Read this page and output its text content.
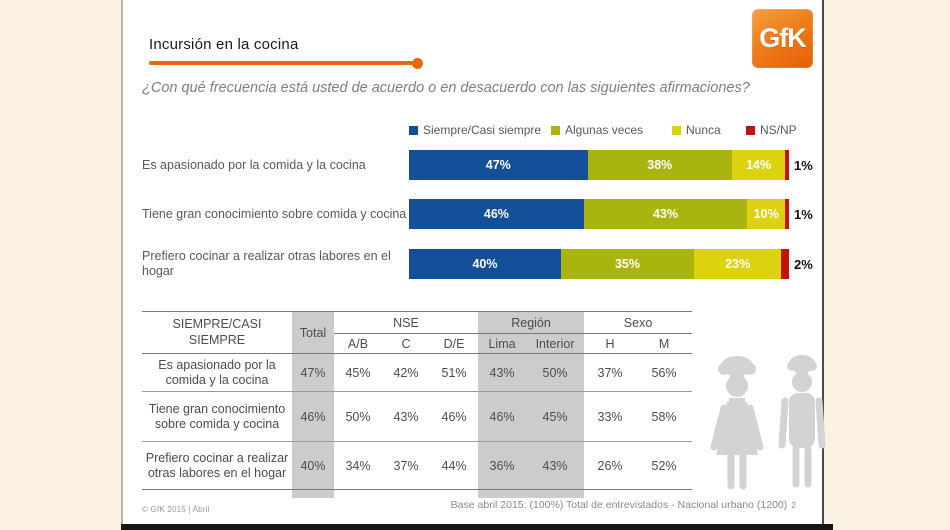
GfK
Incursión en la cocina
¿Con qué frecuencia está usted de acuerdo o en desacuerdo con las siguientes afirmaciones?
Siempre/Casi siempre Algunas veces	Nunca	NS/NP
Es apasionado por la comida y la cocina	47%	38%	14%	1%
Tiene gran conocimiento sobre comida y cocina	46%	43%	10%	1%
Prefiero cocinar a realizar otras labores en el hogar	40%	35%	23%	2%
SIEMPRE/CASI SIEMPRE	Total	NSE			Región		Sexo	
		A/B	C	D/E	Lima	Interior	H	M
Es apasionado por la comida y la cocina	47%	45%	42%	51%	43%	50%	37%	56%
Tiene gran conocimiento sobre comida y cocina	46%	50%	43%	46%	46%	45%	33%	58%
Prefiero cocinar a realizar otras labores en el hogar	40%	34%	37%	44%	36%	43%	26%	52%

© GfK 2015 | Abril	Base abril 2015: (100%) Total de entrevistados - Nacional urbano (1200) 2
